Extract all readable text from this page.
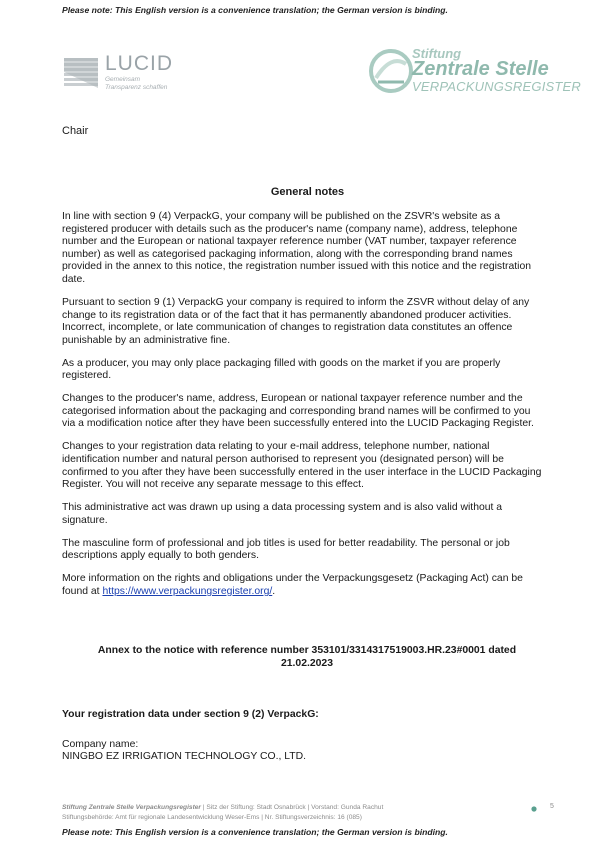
Please note: This English version is a convenience translation; the German version is binding.
LUCID
Gemeinsam
Transparenz schaffen
Stiftung
Zentrale Stelle
VERPACKUNGSREGISTER
Chair
General notes

In line with section 9 (4) VerpackG, your company will be published on the ZSVR's website as a registered producer with details such as the producer's name (company name), address, telephone number and the European or national taxpayer reference number (VAT number, taxpayer reference number) as well as categorised packaging information, along with the corresponding brand names provided in the annex to this notice, the registration number issued with this notice and the registration date.

Pursuant to section 9 (1) VerpackG your company is required to inform the ZSVR without delay of any change to its registration data or of the fact that it has permanently abandoned producer activities. Incorrect, incomplete, or late communication of changes to registration data constitutes an offence punishable by an administrative fine.

As a producer, you may only place packaging filled with goods on the market if you are properly registered.

Changes to the producer's name, address, European or national taxpayer reference number and the categorised information about the packaging and corresponding brand names will be confirmed to you via a modification notice after they have been successfully entered into the LUCID Packaging Register.

Changes to your registration data relating to your e-mail address, telephone number, national identification number and natural person authorised to represent you (designated person) will be confirmed to you after they have been successfully entered in the user interface in the LUCID Packaging Register. You will not receive any separate message to this effect.

This administrative act was drawn up using a data processing system and is also valid without a signature.

The masculine form of professional and job titles is used for better readability. The personal or job descriptions apply equally to both genders.

More information on the rights and obligations under the Verpackungsgesetz (Packaging Act) can be found at https://www.verpackungsregister.org/.

Annex to the notice with reference number 353101/3314317519003.HR.23#0001 dated
21.02.2023
Your registration data under section 9 (2) VerpackG:
Company name:
NINGBO EZ IRRIGATION TECHNOLOGY CO., LTD.
Stiftung Zentrale Stelle Verpackungsregister | Sitz der Stiftung: Stadt Osnabrück | Vorstand: Gunda Rachut
Stiftungsbehörde: Amt für regionale Landesentwicklung Weser-Ems | Nr. Stiftungsverzeichnis: 16 (085)
5
Please note: This English version is a convenience translation; the German version is binding.
